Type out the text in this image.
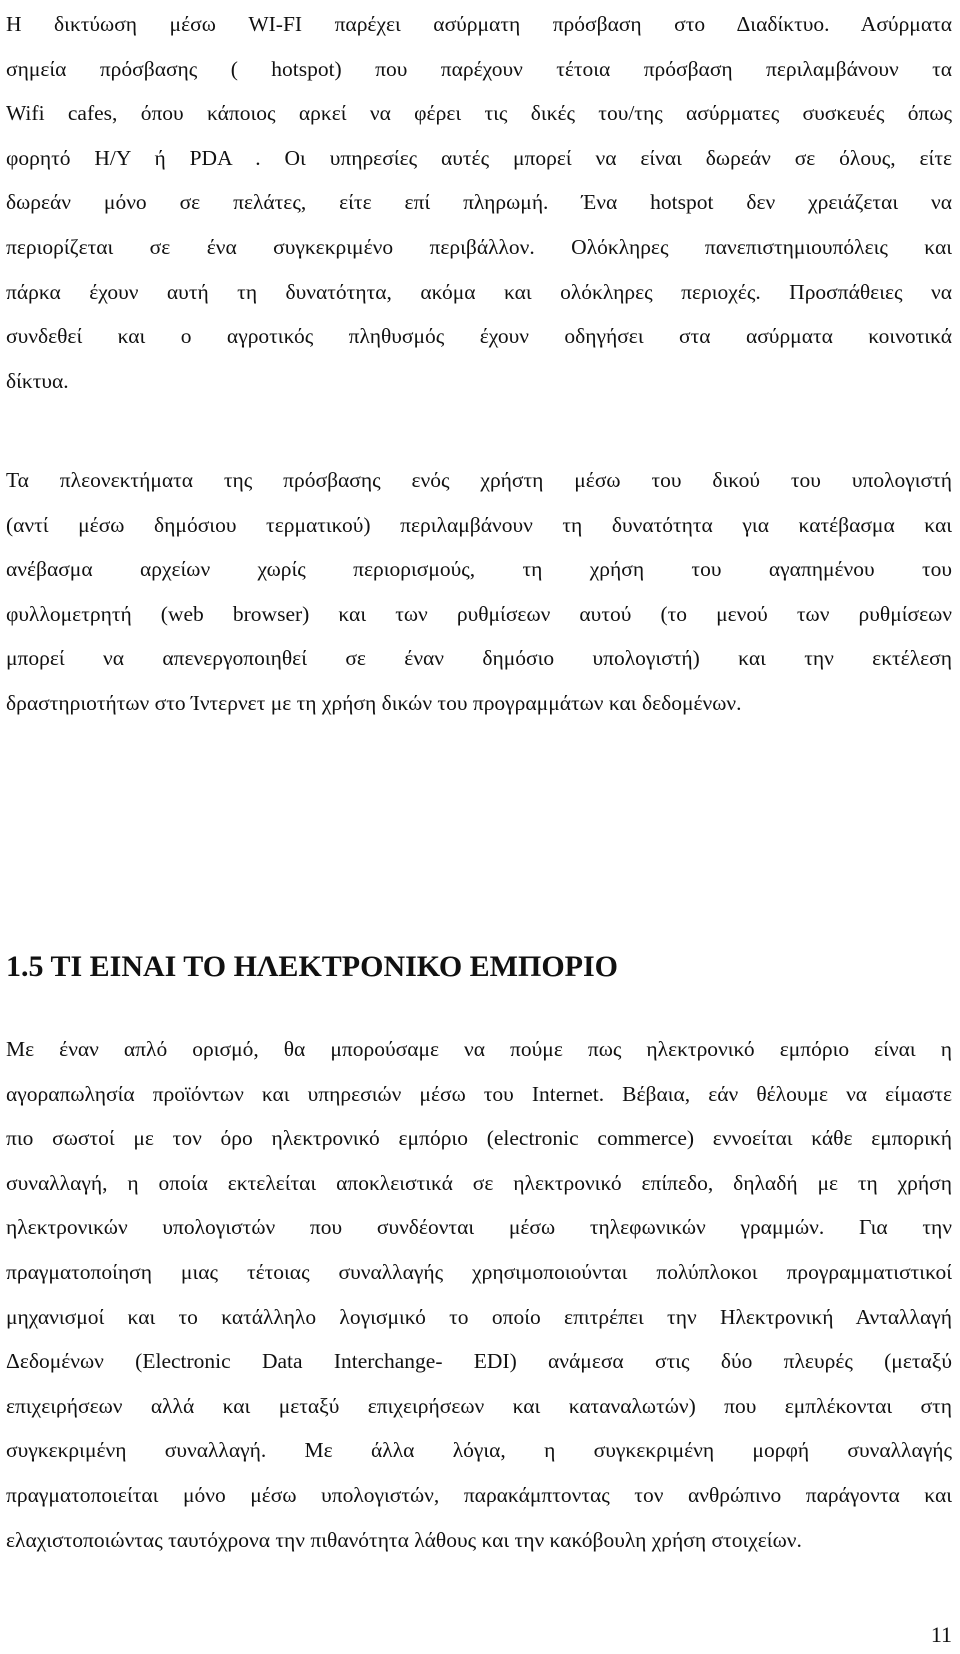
Η δικτύωση μέσω WI-FI παρέχει ασύρματη πρόσβαση στο Διαδίκτυο. Ασύρματα
σημεία πρόσβασης ( hotspot) που παρέχουν τέτοια πρόσβαση περιλαμβάνουν τα
Wifi cafes, όπου κάποιος αρκεί να φέρει τις δικές του/της ασύρματες συσκευές όπως
φορητό Η/Υ ή PDA . Οι υπηρεσίες αυτές μπορεί να είναι δωρεάν σε όλους, είτε
δωρεάν μόνο σε πελάτες, είτε επί πληρωμή. Ένα hotspot δεν χρειάζεται να
περιορίζεται σε ένα συγκεκριμένο περιβάλλον. Ολόκληρες πανεπιστημιουπόλεις και
πάρκα έχουν αυτή τη δυνατότητα, ακόμα και ολόκληρες περιοχές. Προσπάθειες να
συνδεθεί και ο αγροτικός πληθυσμός έχουν οδηγήσει στα ασύρματα κοινοτικά
δίκτυα.

Τα πλεονεκτήματα της πρόσβασης ενός χρήστη μέσω του δικού του υπολογιστή
(αντί μέσω δημόσιου τερματικού) περιλαμβάνουν τη δυνατότητα για κατέβασμα και
ανέβασμα αρχείων χωρίς περιορισμούς, τη χρήση του αγαπημένου του
φυλλομετρητή (web browser) και των ρυθμίσεων αυτού (το μενού των ρυθμίσεων
μπορεί να απενεργοποιηθεί σε έναν δημόσιο υπολογιστή) και την εκτέλεση
δραστηριοτήτων στο Ίντερνετ με τη χρήση δικών του προγραμμάτων και δεδομένων.

1.5 ΤΙ ΕΙΝΑΙ ΤΟ ΗΛΕΚΤΡΟΝΙΚΟ ΕΜΠΟΡΙΟ

Με έναν απλό ορισμό, θα μπορούσαμε να πούμε πως ηλεκτρονικό εμπόριο είναι η
αγοραπωλησία προϊόντων και υπηρεσιών μέσω του Internet. Βέβαια, εάν θέλουμε να είμαστε
πιο σωστοί με τον όρο ηλεκτρονικό εμπόριο (electronic commerce) εννοείται κάθε εμπορική
συναλλαγή, η οποία εκτελείται αποκλειστικά σε ηλεκτρονικό επίπεδο, δηλαδή με τη χρήση
ηλεκτρονικών υπολογιστών που συνδέονται μέσω τηλεφωνικών γραμμών. Για την
πραγματοποίηση μιας τέτοιας συναλλαγής χρησιμοποιούνται πολύπλοκοι προγραμματιστικοί
μηχανισμοί και το κατάλληλο λογισμικό το οποίο επιτρέπει την Ηλεκτρονική Ανταλλαγή
Δεδομένων (Electronic Data Interchange- EDI) ανάμεσα στις δύο πλευρές (μεταξύ
επιχειρήσεων αλλά και μεταξύ επιχειρήσεων και καταναλωτών) που εμπλέκονται στη
συγκεκριμένη συναλλαγή. Με άλλα λόγια, η συγκεκριμένη μορφή συναλλαγής
πραγματοποιείται μόνο μέσω υπολογιστών, παρακάμπτοντας τον ανθρώπινο παράγοντα και
ελαχιστοποιώντας ταυτόχρονα την πιθανότητα λάθους και την κακόβουλη χρήση στοιχείων.

11
